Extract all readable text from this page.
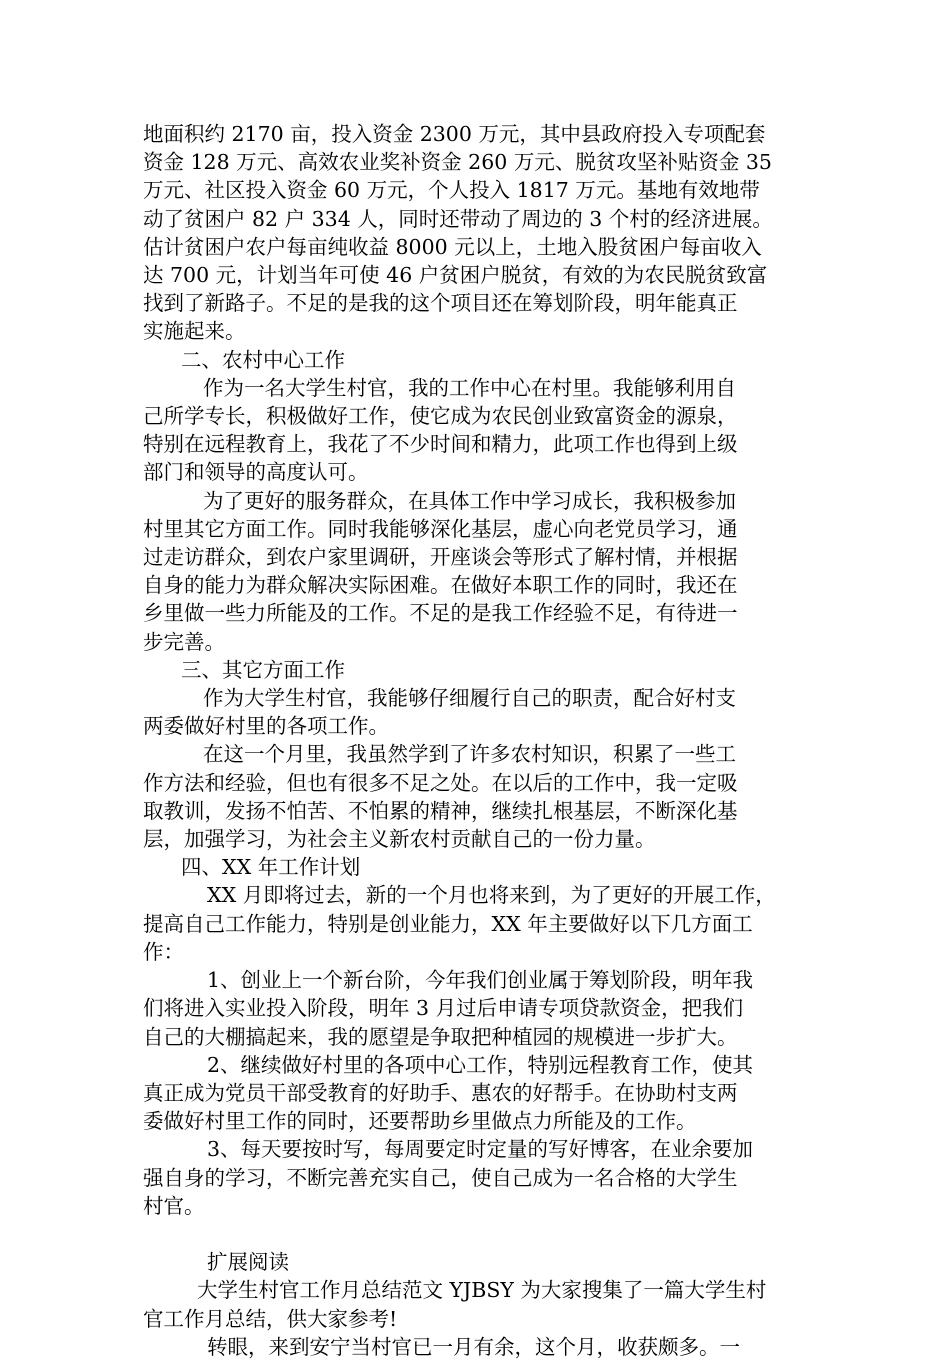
地面积约 2170 亩，投入资金 2300 万元，其中县政府投入专项配套

资金 128 万元、高效农业奖补资金 260 万元、脱贫攻坚补贴资金 35

万元、社区投入资金 60 万元，个人投入 1817 万元。基地有效地带

动了贫困户 82 户 334 人，同时还带动了周边的 3 个村的经济进展。

估计贫困户农户每亩纯收益 8000 元以上，土地入股贫困户每亩收入

达 700 元，计划当年可使 46 户贫困户脱贫，有效的为农民脱贫致富

找到了新路子。不足的是我的这个项目还在筹划阶段，明年能真正

实施起来。

二、农村中心工作

作为一名大学生村官，我的工作中心在村里。我能够利用自

己所学专长，积极做好工作，使它成为农民创业致富资金的源泉，

特别在远程教育上，我花了不少时间和精力，此项工作也得到上级

部门和领导的高度认可。

为了更好的服务群众，在具体工作中学习成长，我积极参加

村里其它方面工作。同时我能够深化基层，虚心向老党员学习，通

过走访群众，到农户家里调研，开座谈会等形式了解村情，并根据

自身的能力为群众解决实际困难。在做好本职工作的同时，我还在

乡里做一些力所能及的工作。不足的是我工作经验不足，有待进一

步完善。

三、其它方面工作

作为大学生村官，我能够仔细履行自己的职责，配合好村支

两委做好村里的各项工作。

在这一个月里，我虽然学到了许多农村知识，积累了一些工

作方法和经验，但也有很多不足之处。在以后的工作中，我一定吸

取教训，发扬不怕苦、不怕累的精神，继续扎根基层，不断深化基

层，加强学习，为社会主义新农村贡献自己的一份力量。

四、XX 年工作计划

XX 月即将过去，新的一个月也将来到，为了更好的开展工作，

提高自己工作能力，特别是创业能力，XX 年主要做好以下几方面工

作：

1、创业上一个新台阶，今年我们创业属于筹划阶段，明年我

们将进入实业投入阶段，明年 3 月过后申请专项贷款资金，把我们

自己的大棚搞起来，我的愿望是争取把种植园的规模进一步扩大。

2、继续做好村里的各项中心工作，特别远程教育工作，使其

真正成为党员干部受教育的好助手、惠农的好帮手。在协助村支两

委做好村里工作的同时，还要帮助乡里做点力所能及的工作。

3、每天要按时写，每周要定时定量的写好博客，在业余要加

强自身的学习，不断完善充实自己，使自己成为一名合格的大学生

村官。

扩展阅读

大学生村官工作月总结范文 YJBSY 为大家搜集了一篇大学生村

官工作月总结，供大家参考!

转眼，来到安宁当村官已一月有余，这个月，收获颇多。一
